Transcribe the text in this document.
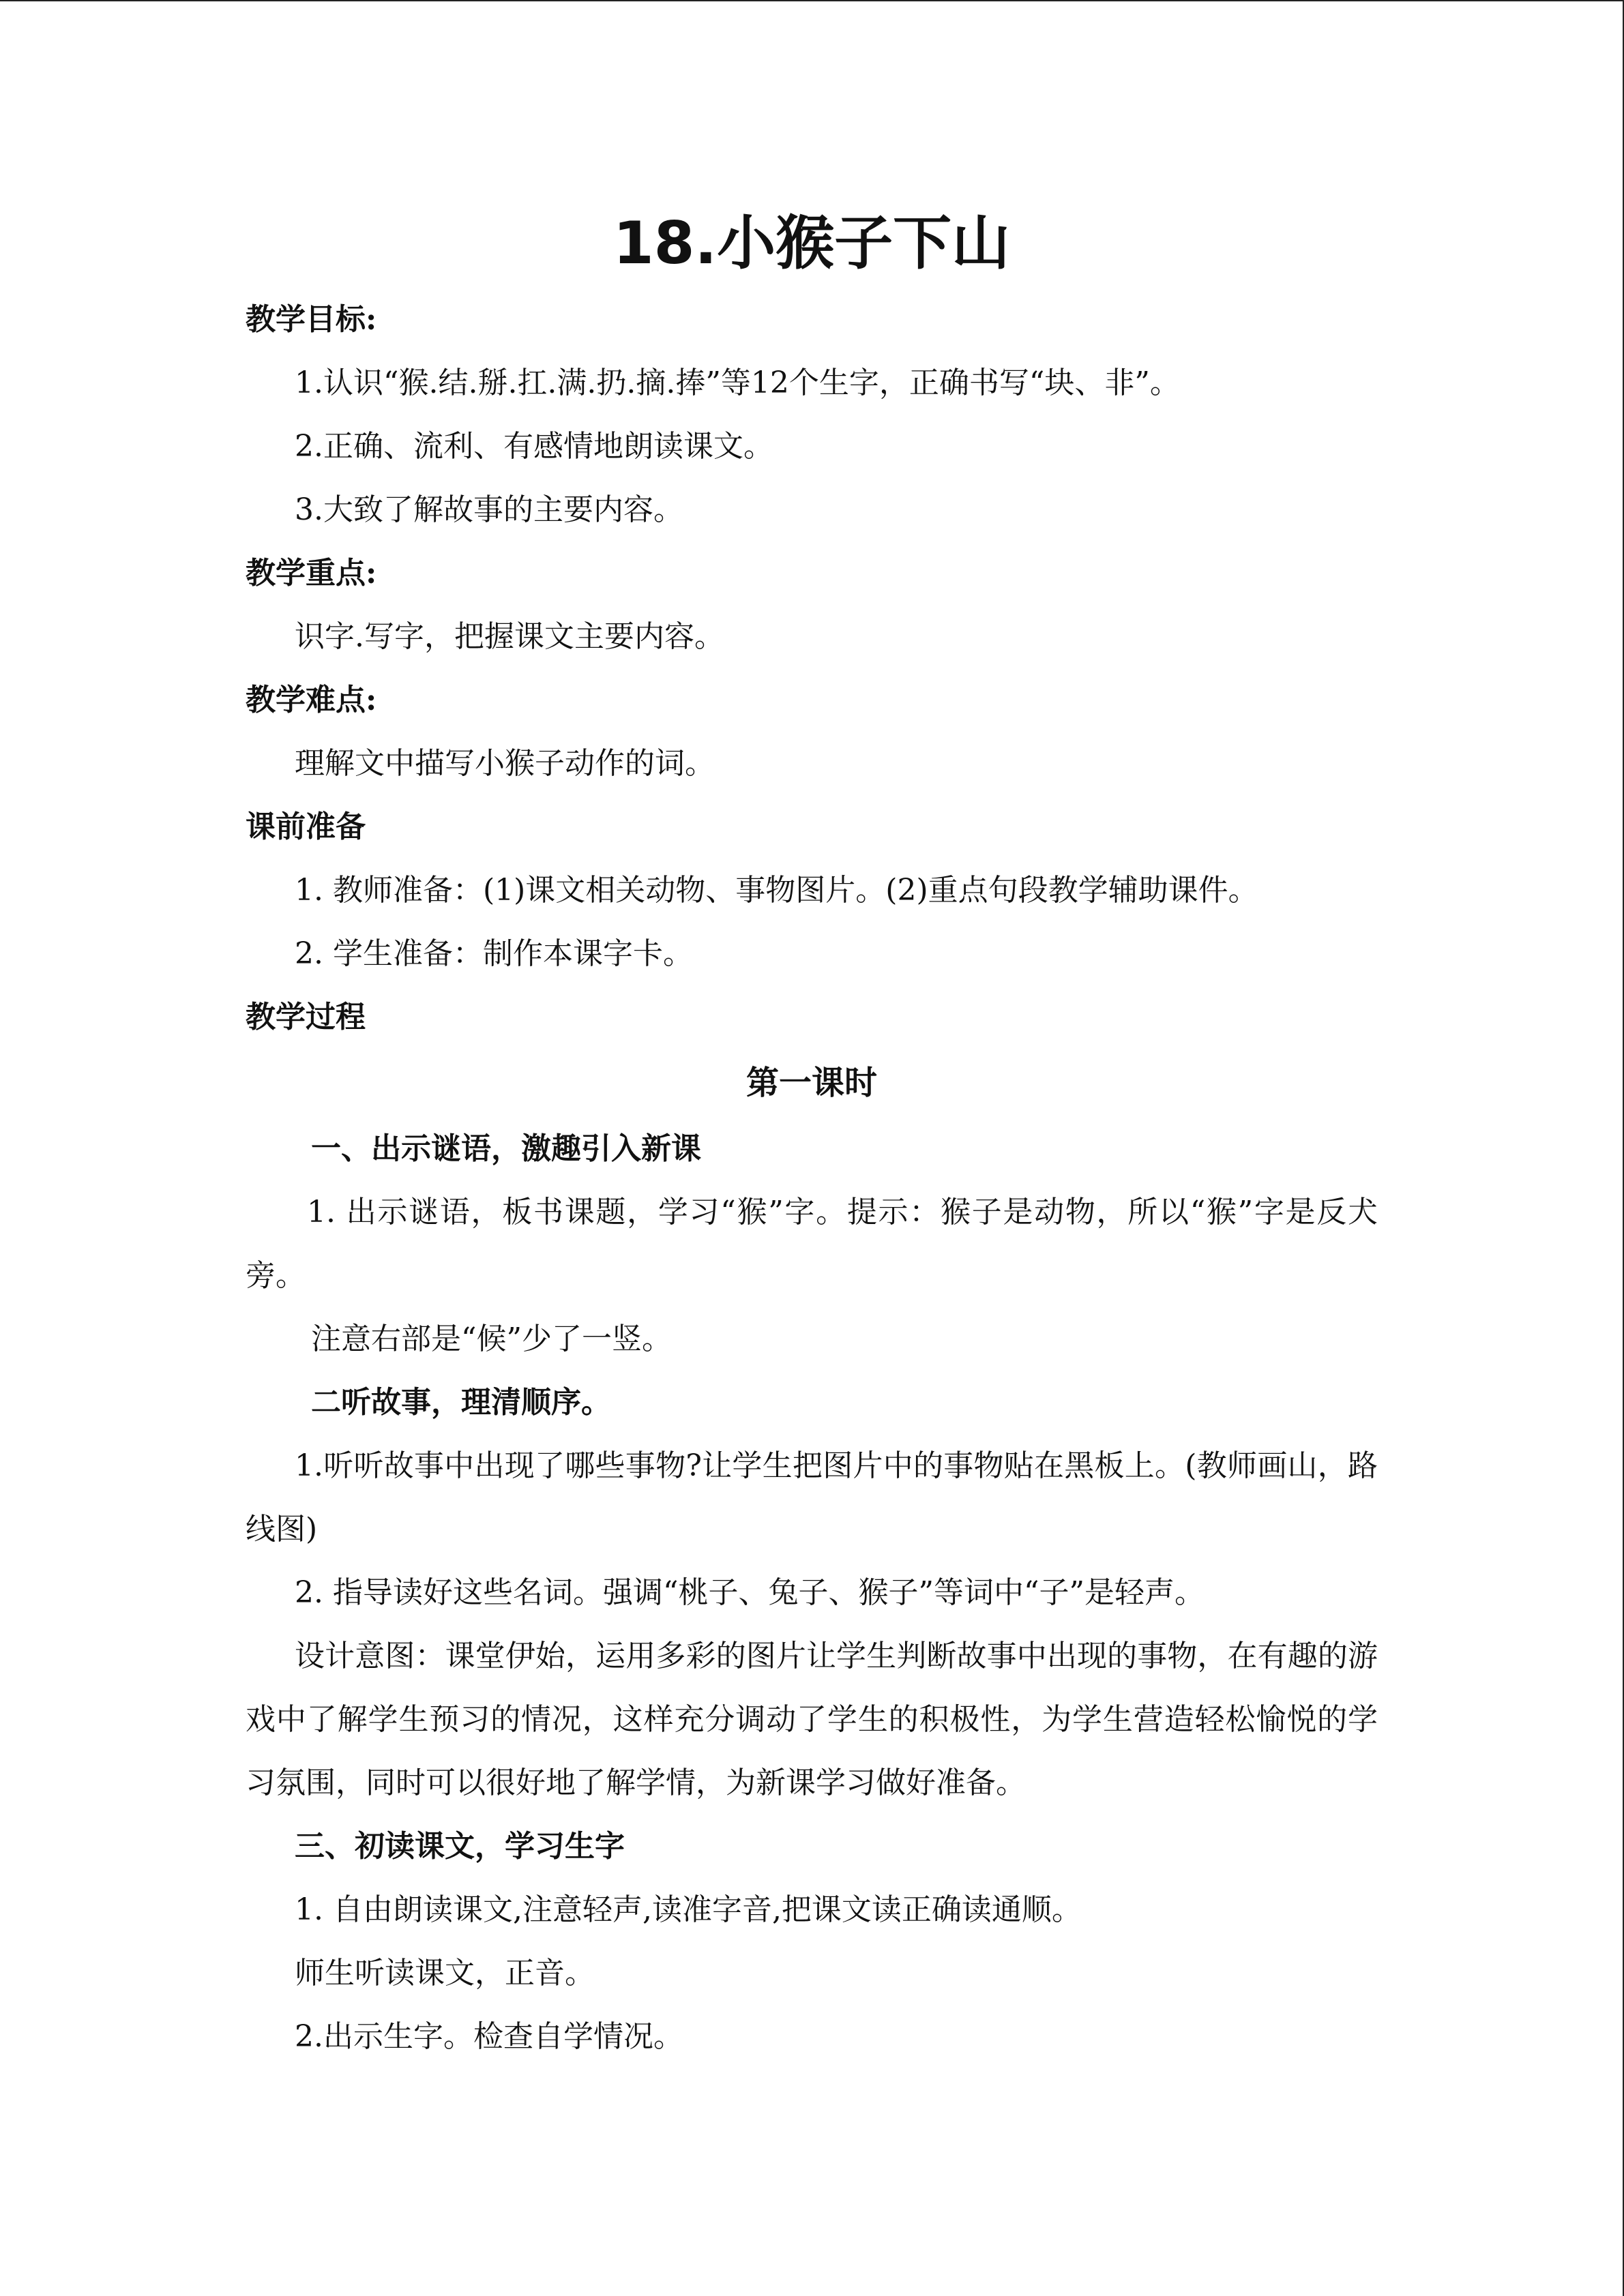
18.小猴子下山
教学目标:
1.认识“猴.结.掰.扛.满.扔.摘.捧”等12个生字，正确书写“块、非”。
2.正确、流利、有感情地朗读课文。
3.大致了解故事的主要内容。
教学重点:
识字.写字，把握课文主要内容。
教学难点:
理解文中描写小猴子动作的词。
课前准备
1. 教师准备：(1)课文相关动物、事物图片。(2)重点句段教学辅助课件。
2. 学生准备：制作本课字卡。
教学过程
第一课时
一、出示谜语，激趣引入新课

1. 出示谜语，板书课题，学习“猴”字。提示：猴子是动物，所以“猴”字是反犬旁。

注意右部是“候”少了一竖。
二听故事，理清顺序。

1.听听故事中出现了哪些事物?让学生把图片中的事物贴在黑板上。(教师画山，路线图)

2. 指导读好这些名词。强调“桃子、兔子、猴子”等词中“子”是轻声。

设计意图：课堂伊始，运用多彩的图片让学生判断故事中出现的事物，在有趣的游戏中了解学生预习的情况，这样充分调动了学生的积极性，为学生营造轻松愉悦的学习氛围，同时可以很好地了解学情，为新课学习做好准备。

三、初读课文，学习生字
1. 自由朗读课文,注意轻声,读准字音,把课文读正确读通顺。
师生听读课文，正音。
2.出示生字。检查自学情况。
